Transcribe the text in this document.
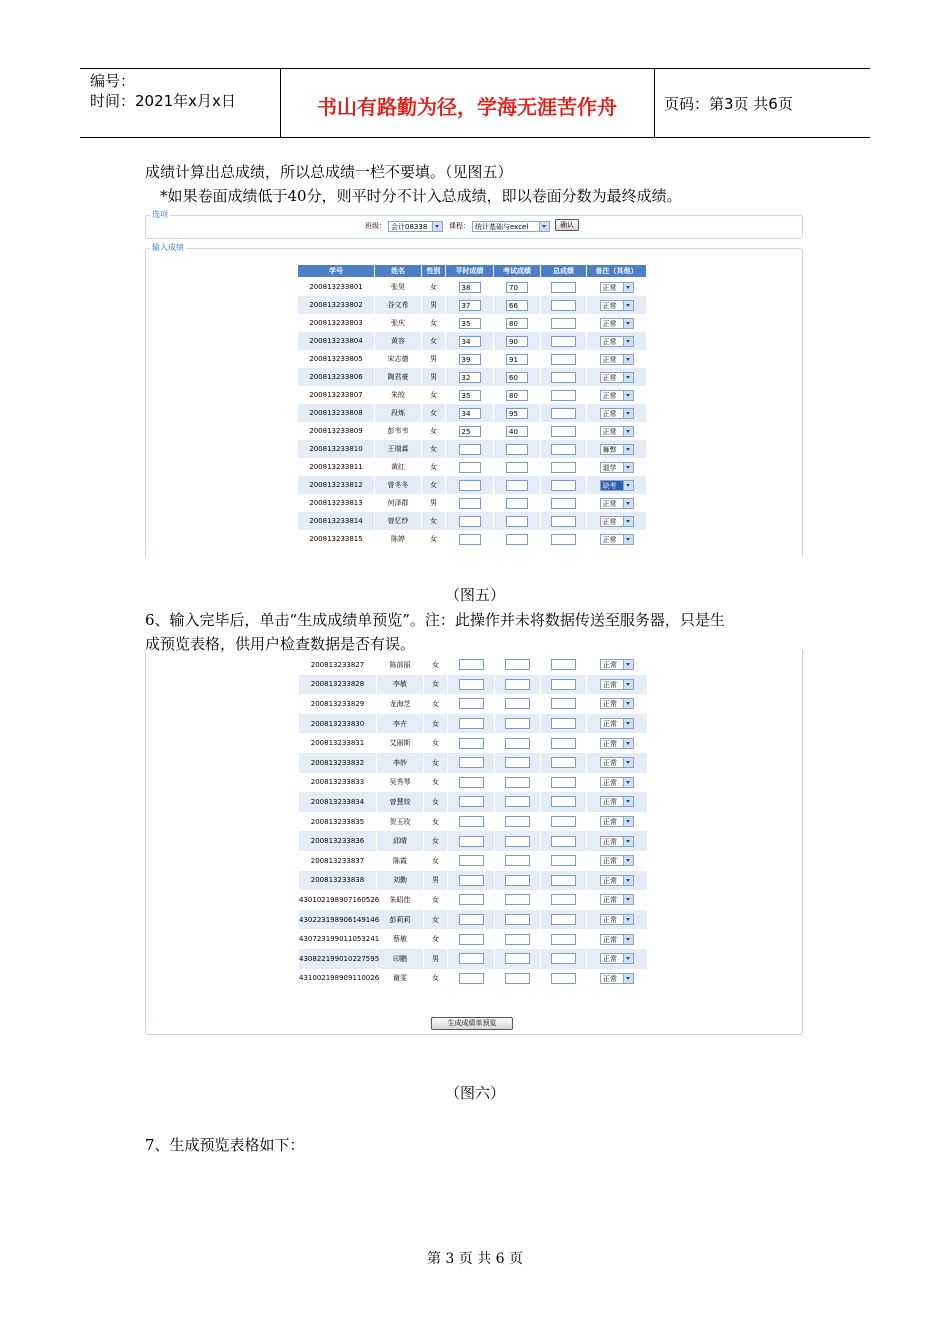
编号：
时间：2021年x月x日	书山有路勤为径，学海无涯苦作舟	页码：第3页 共6页
成绩计算出总成绩，所以总成绩一栏不要填。（见图五）
*如果卷面成绩低于40分，则平时分不计入总成绩，即以卷面分数为最终成绩。
选项
班级： 会计08338	课程： 统计基础与excel	确认
输入成绩
学号	姓名	性别	平时成绩	考试成绩	总成绩	备注（其他）
200813233801	张昊	女	38	70		正常

200813233802	谷文希	男	37	66		正常

200813233803	张庆	女	35	80		正常

200813233804	黄容	女	34	90		正常

200813233805	宋志德	男	39	91		正常

200813233806	陶君豪	男	32	60		正常

200813233807	朱皎	女	35	80		正常

200813233808	段炼	女	34	95		正常

200813233809	彭韦韦	女	25	40		正常

200813233810	王瑞霖	女				舞弊

200813233811	黄红	女				退学

200813233812	曾冬冬	女				缺考

200813233813	何泽群	男				正常

200813233814	曾忆纱	女				正常

200813233815	陈婷	女				正常
（图五）
6、输入完毕后，单击“生成成绩单预览”。注：此操作并未将数据传送至服务器，只是生
成预览表格，供用户检查数据是否有误。
200813233827	陈部丽	女				正常

200813233828	李敏	女				正常

200813233829	龙海芝	女				正常

200813233830	李卉	女				正常

200813233831	艾丽斯	女				正常

200813233832	李妙	女				正常

200813233833	吴秀琴	女				正常

200813233834	曾慧姣	女				正常

200813233835	贺玉玫	女				正常

200813233836	邱晴	女				正常

200813233837	陈霞	女				正常

200813233838	刘勤	男				正常

430102198907160526	朱昭佳	女				正常

430223198906149146	彭莉莉	女				正常

430723199011053241	蔡敏	女				正常

430822199010227595	印鹏	男				正常

431002198909110026	谢雯	女				正常
生成成绩单预览
（图六）
7、生成预览表格如下：
第 3 页 共 6 页
